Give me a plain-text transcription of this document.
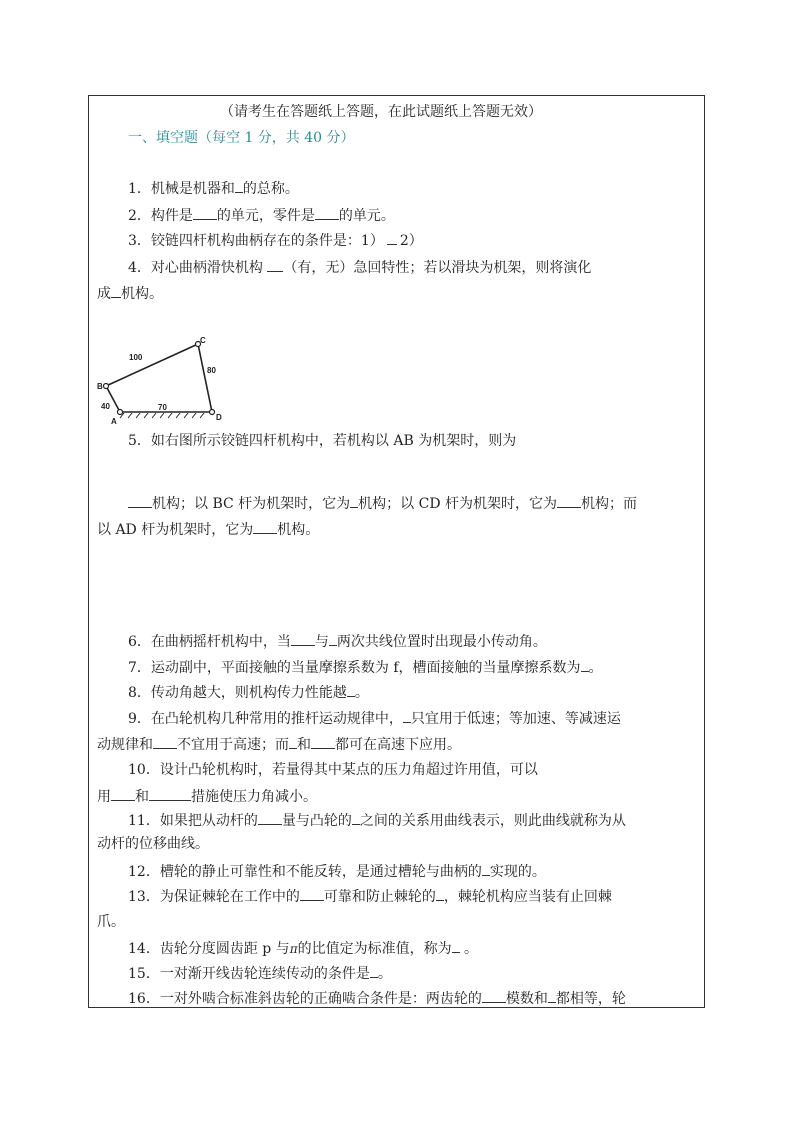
（请考生在答题纸上答题，在此试题纸上答题无效）
一、填空题（每空 1 分，共 40 分）
1．机械是机器和 的总称。
2．构件是 的单元，零件是 的单元。
3．铰链四杆机构曲柄存在的条件是：1） 2）
4．对心曲柄滑快机构 （有，无）急回特性；若以滑块为机架，则将演化
成 机构。
B
C
D
A
100
80
40	70
5．如右图所示铰链四杆机构中，若机构以 AB 为机架时，则为
机构；以 BC 杆为机架时，它为 机构；以 CD 杆为机架时，它为 机构；而
以 AD 杆为机架时，它为 机构。
6．在曲柄摇杆机构中，当 与 两次共线位置时出现最小传动角。
7．运动副中，平面接触的当量摩擦系数为 f，槽面接触的当量摩擦系数为 。
8．传动角越大，则机构传力性能越 。
9．在凸轮机构几种常用的推杆运动规律中， 只宜用于低速；等加速、等减速运
动规律和 不宜用于高速；而 和 都可在高速下应用。
10．设计凸轮机构时，若量得其中某点的压力角超过许用值，可以
用 和	措施使压力角减小。
11．如果把从动杆的 量与凸轮的 之间的关系用曲线表示，则此曲线就称为从
动杆的位移曲线。
12．槽轮的静止可靠性和不能反转，是通过槽轮与曲柄的 实现的。
13．为保证棘轮在工作中的 可靠和防止棘轮的 ，棘轮机构应当装有止回棘
爪。
14．齿轮分度圆齿距 p 与π的比值定为标准值，称为 。
15．一对渐开线齿轮连续传动的条件是 。
16．一对外啮合标准斜齿轮的正确啮合条件是：两齿轮的 模数和 都相等，轮
